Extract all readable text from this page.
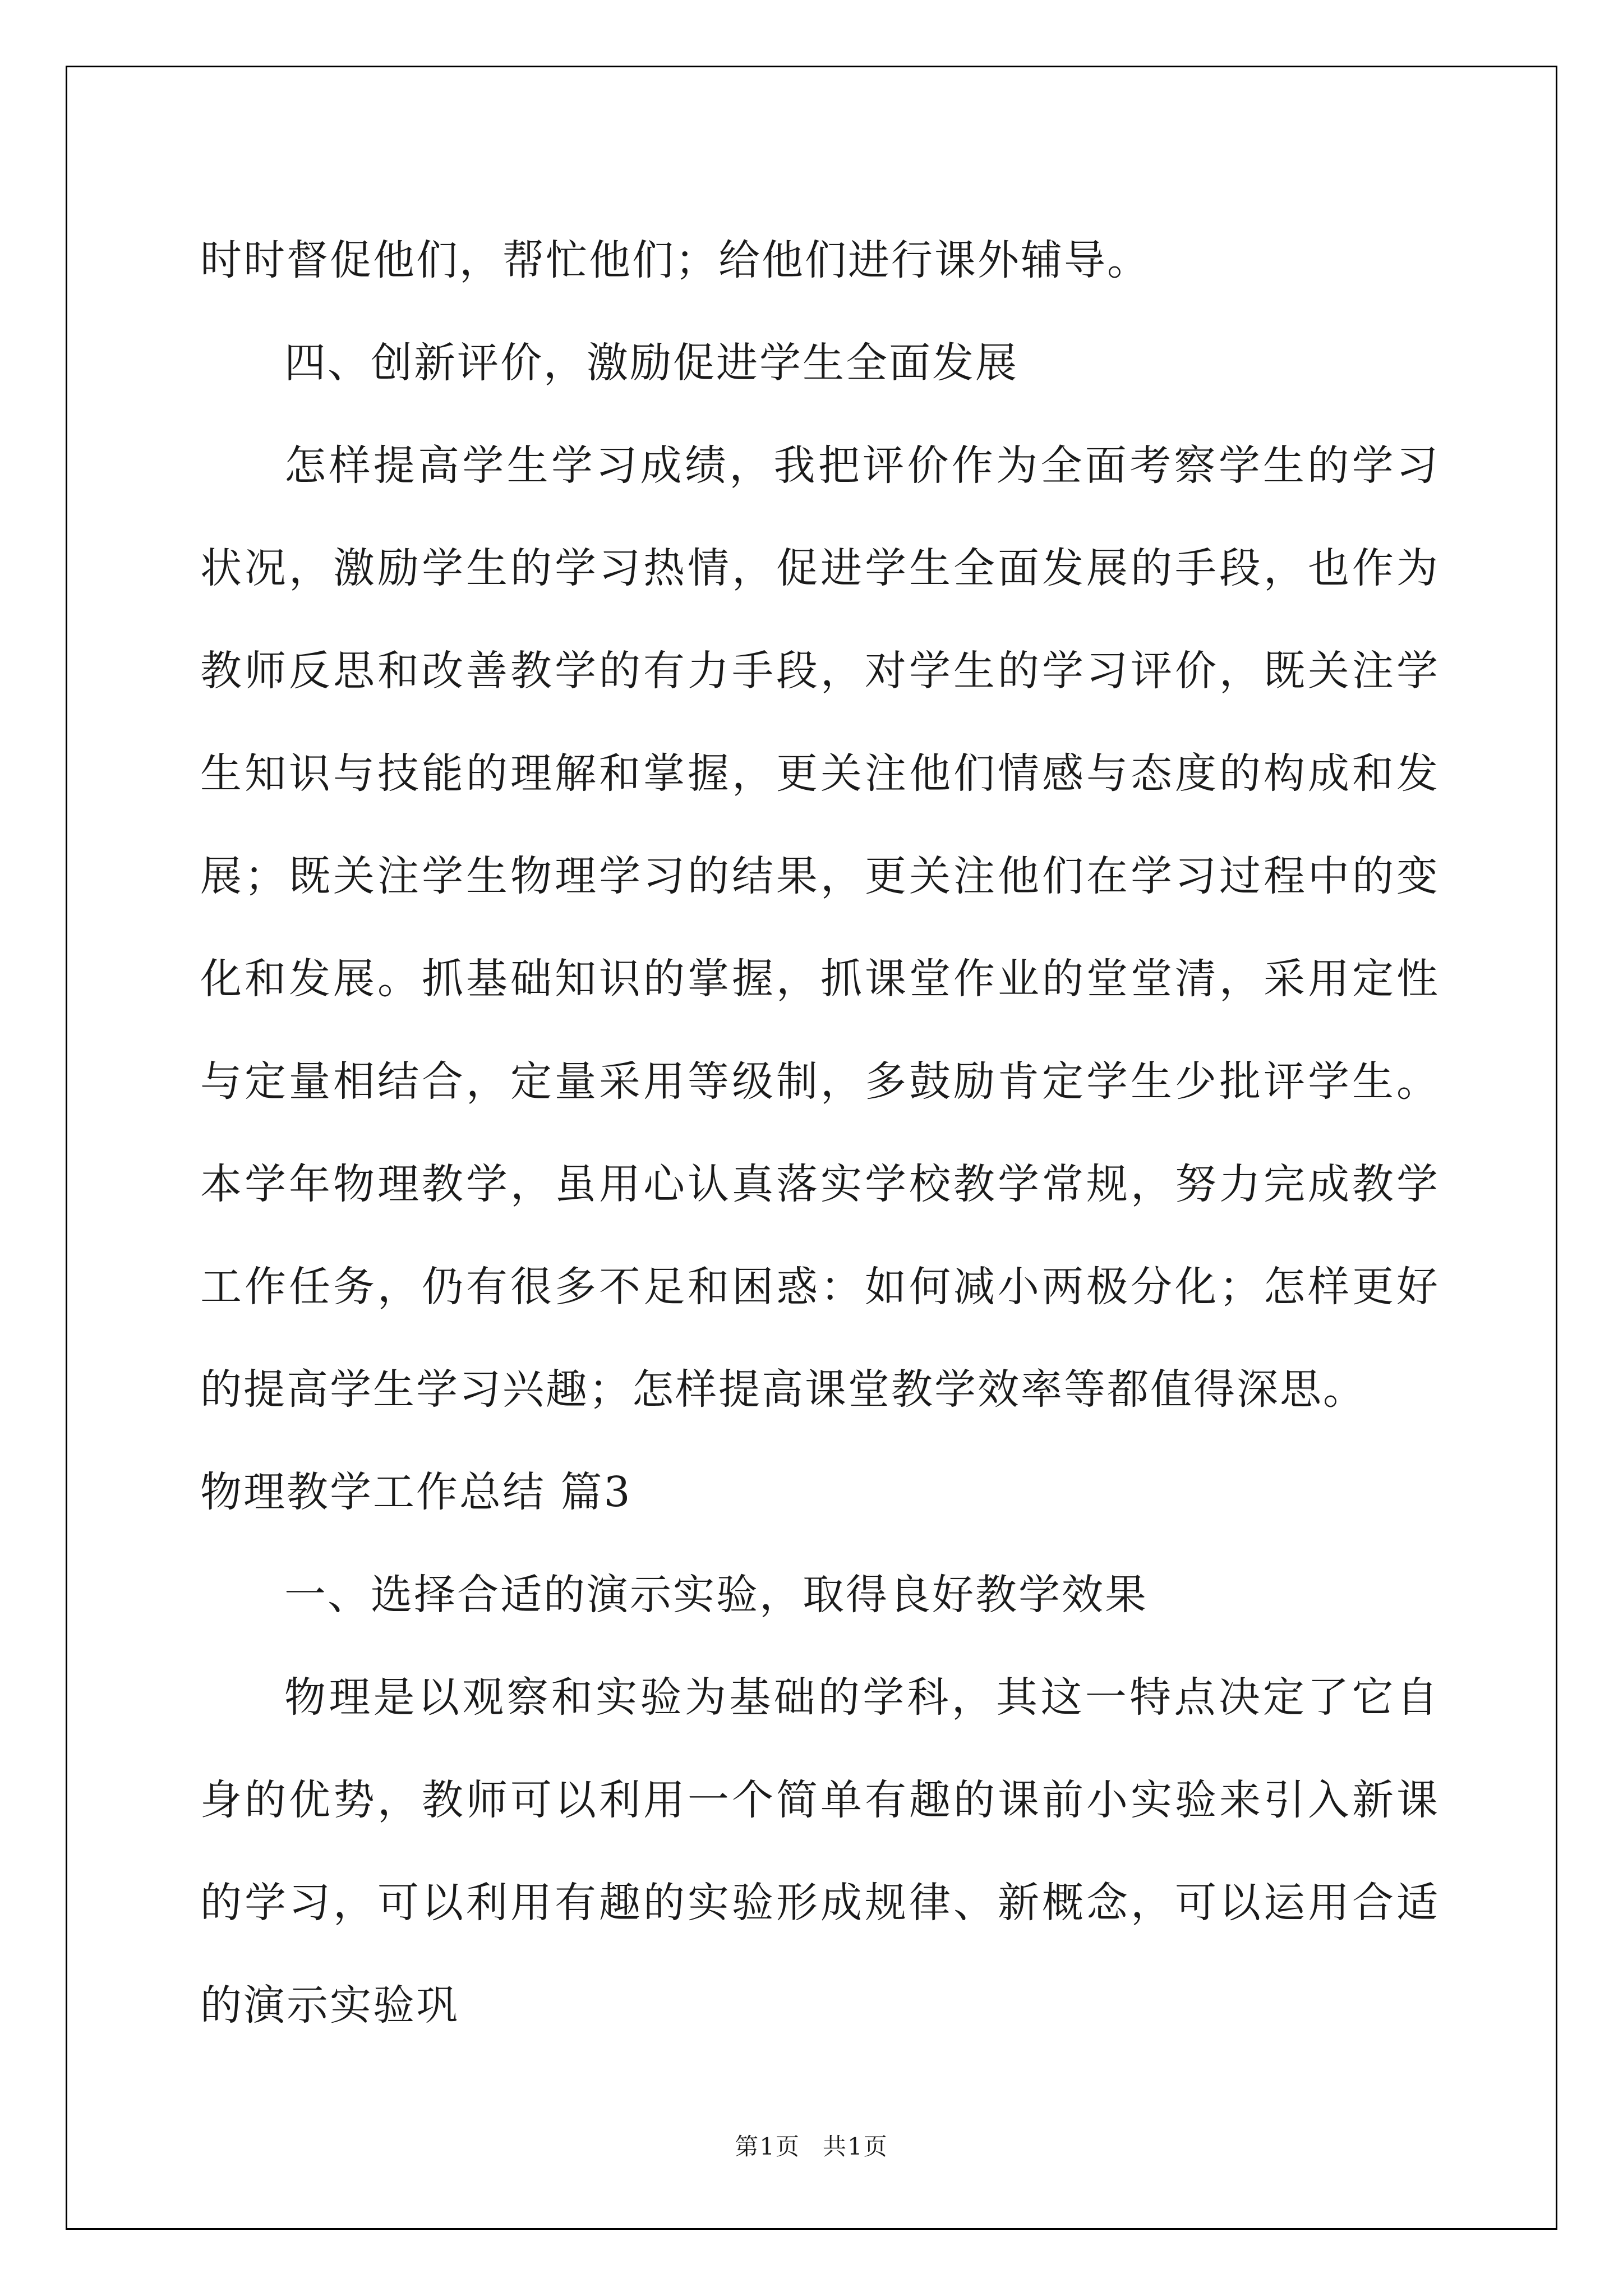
时时督促他们，帮忙他们；给他们进行课外辅导。

四、创新评价，激励促进学生全面发展

怎样提高学生学习成绩，我把评价作为全面考察学生的学习状况，激励学生的学习热情，促进学生全面发展的手段，也作为教师反思和改善教学的有力手段，对学生的学习评价，既关注学生知识与技能的理解和掌握，更关注他们情感与态度的构成和发展；既关注学生物理学习的结果，更关注他们在学习过程中的变化和发展。抓基础知识的掌握，抓课堂作业的堂堂清，采用定性与定量相结合，定量采用等级制，多鼓励肯定学生少批评学生。本学年物理教学，虽用心认真落实学校教学常规，努力完成教学工作任务，仍有很多不足和困惑：如何减小两极分化；怎样更好的提高学生学习兴趣；怎样提高课堂教学效率等都值得深思。

物理教学工作总结 篇3

一、选择合适的演示实验，取得良好教学效果

物理是以观察和实验为基础的学科，其这一特点决定了它自身的优势，教师可以利用一个简单有趣的课前小实验来引入新课的学习，可以利用有趣的实验形成规律、新概念，可以运用合适的演示实验巩

第1页 共1页
